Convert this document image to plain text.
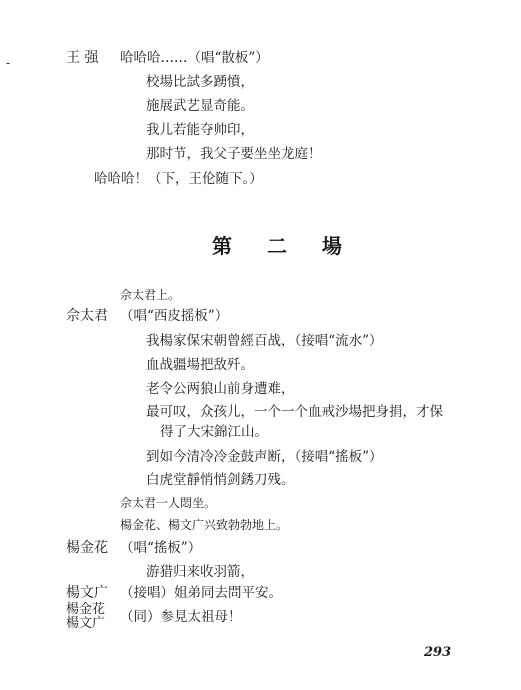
-	王 强 哈哈哈……（唱“散板”）
校場比試多踴憤，
施展武艺显奇能。
我儿若能夺帅印，
那时节，我父子要坐坐龙庭！
哈哈哈！（下，王伦随下。）
第 二 場
佘太君上。
佘太君 （唱“西皮摇板”）
我楊家保宋朝曾經百战，（接唱“流水”）
血战疆場把敌歼。
老令公两狼山前身遭难，
最可叹，众孩儿，一个一个血戒沙場把身捐，才保
得了大宋錦江山。
到如今清冷冷金鼓声断，（接唱“搖板”）
白虎堂靜悄悄剑銹刀残。
佘太君一人悶坐。
楊金花、楊文广兴致勃勃地上。
楊金花 （唱“搖板”）
游猎归来收羽箭，
楊文广 （接唱）姐弟同去問平安。
楊金花
楊文广 （同）参見太祖母！
293
